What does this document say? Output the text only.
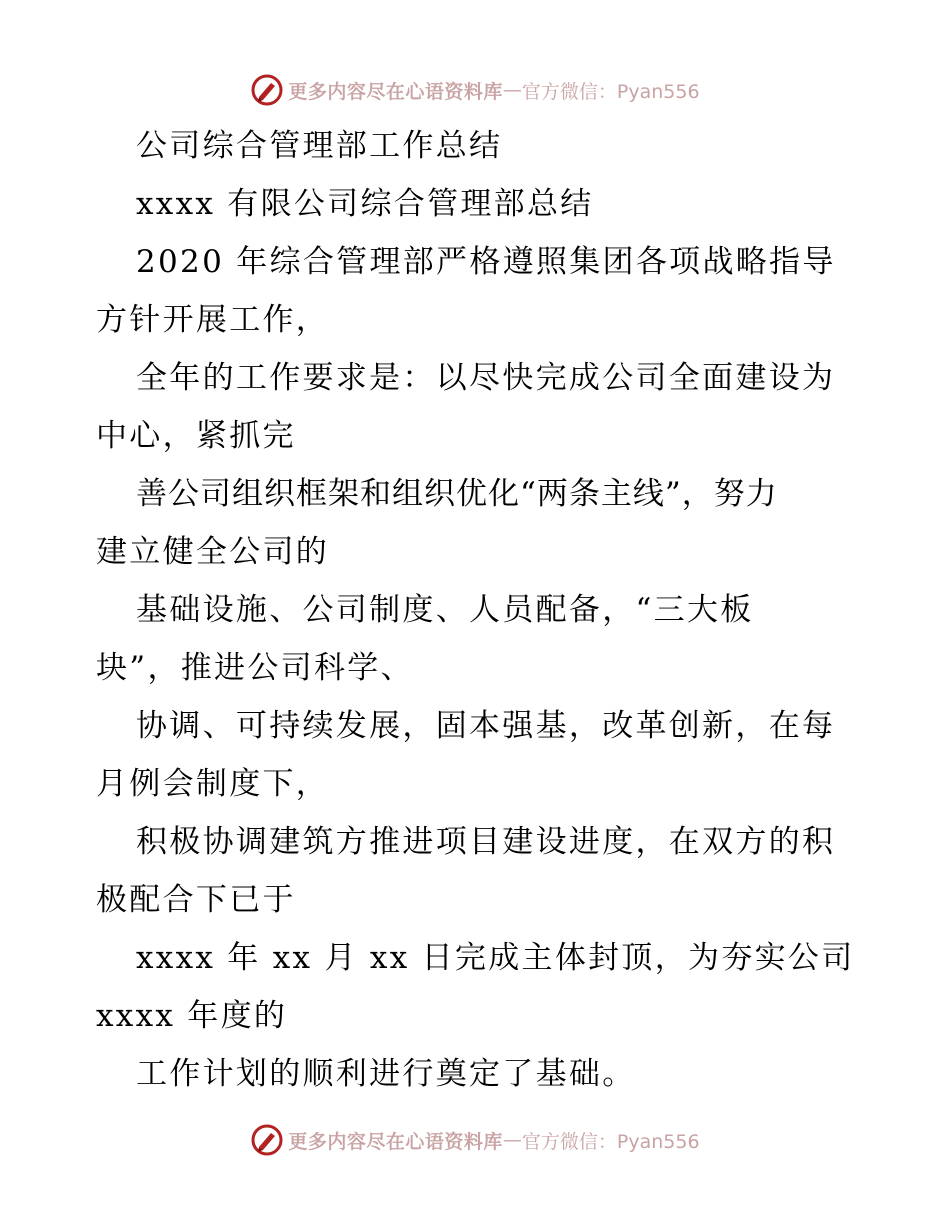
更多内容尽在心语资料库 — 官方微信：Pyan556
公司综合管理部工作总结
xxxx 有限公司综合管理部总结
2020 年综合管理部严格遵照集团各项战略指导
方针开展工作，
全年的工作要求是：以尽快完成公司全面建设为
中心，紧抓完
善公司组织框架和组织优化“两条主线”，努力
建立健全公司的
基础设施、公司制度、人员配备，“三大板
块”，推进公司科学、
协调、可持续发展，固本强基，改革创新，在每
月例会制度下，
积极协调建筑方推进项目建设进度，在双方的积
极配合下已于
xxxx 年 xx 月 xx 日完成主体封顶，为夯实公司
xxxx 年度的
工作计划的顺利进行奠定了基础。
更多内容尽在心语资料库 — 官方微信：Pyan556
